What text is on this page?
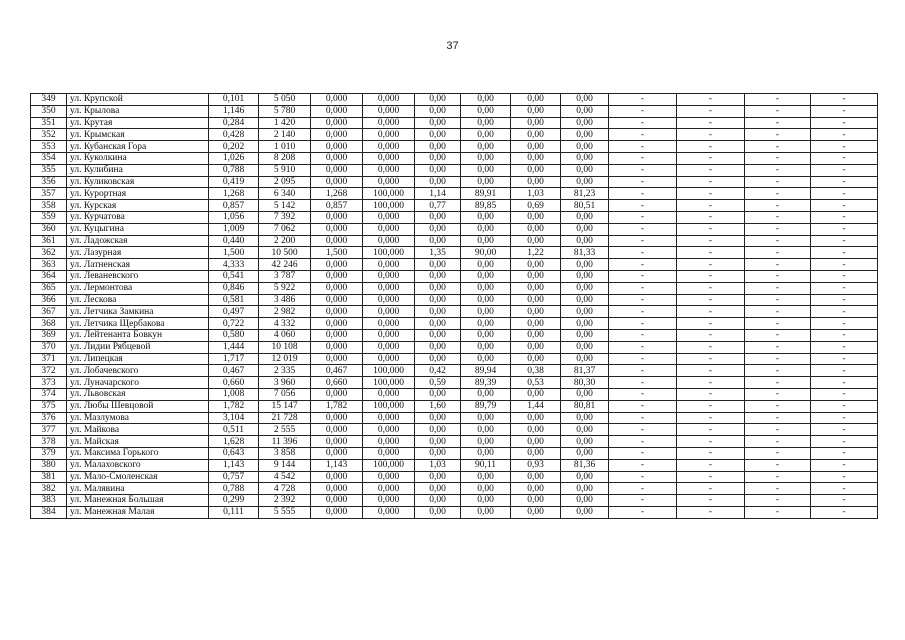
37
349	ул. Крупской	0,101	5 050	0,000	0,000	0,00	0,00	0,00	0,00	-	-	-	-
350	ул. Крылова	1,146	5 780	0,000	0,000	0,00	0,00	0,00	0,00	-	-	-	-
351	ул. Крутая	0,284	1 420	0,000	0,000	0,00	0,00	0,00	0,00	-	-	-	-
352	ул. Крымская	0,428	2 140	0,000	0,000	0,00	0,00	0,00	0,00	-	-	-	-
353	ул. Кубанская Гора	0,202	1 010	0,000	0,000	0,00	0,00	0,00	0,00	-	-	-	-
354	ул. Куколкина	1,026	8 208	0,000	0,000	0,00	0,00	0,00	0,00	-	-	-	-
355	ул. Кулибина	0,788	5 910	0,000	0,000	0,00	0,00	0,00	0,00	-	-	-	-
356	ул. Куликовская	0,419	2 095	0,000	0,000	0,00	0,00	0,00	0,00	-	-	-	-
357	ул. Курортная	1,268	6 340	1,268	100,000	1,14	89,91	1,03	81,23	-	-	-	-
358	ул. Курская	0,857	5 142	0,857	100,000	0,77	89,85	0,69	80,51	-	-	-	-
359	ул. Курчатова	1,056	7 392	0,000	0,000	0,00	0,00	0,00	0,00	-	-	-	-
360	ул. Куцыгина	1,009	7 062	0,000	0,000	0,00	0,00	0,00	0,00	-	-	-	-
361	ул. Ладожская	0,440	2 200	0,000	0,000	0,00	0,00	0,00	0,00	-	-	-	-
362	ул. Лазурная	1,500	10 500	1,500	100,000	1,35	90,00	1,22	81,33	-	-	-	-
363	ул. Латненская	4,333	42 246	0,000	0,000	0,00	0,00	0,00	0,00	-	-	-	-
364	ул. Леваневского	0,541	3 787	0,000	0,000	0,00	0,00	0,00	0,00	-	-	-	-
365	ул. Лермонтова	0,846	5 922	0,000	0,000	0,00	0,00	0,00	0,00	-	-	-	-
366	ул. Лескова	0,581	3 486	0,000	0,000	0,00	0,00	0,00	0,00	-	-	-	-
367	ул. Летчика Замкина	0,497	2 982	0,000	0,000	0,00	0,00	0,00	0,00	-	-	-	-
368	ул. Летчика Щербакова	0,722	4 332	0,000	0,000	0,00	0,00	0,00	0,00	-	-	-	-
369	ул. Лейтенанта Бовкун	0,580	4 060	0,000	0,000	0,00	0,00	0,00	0,00	-	-	-	-
370	ул. Лидии Рябцевой	1,444	10 108	0,000	0,000	0,00	0,00	0,00	0,00	-	-	-	-
371	ул. Липецкая	1,717	12 019	0,000	0,000	0,00	0,00	0,00	0,00	-	-	-	-
372	ул. Лобачевского	0,467	2 335	0,467	100,000	0,42	89,94	0,38	81,37	-	-	-	-
373	ул. Луначарского	0,660	3 960	0,660	100,000	0,59	89,39	0,53	80,30	-	-	-	-
374	ул. Львовская	1,008	7 056	0,000	0,000	0,00	0,00	0,00	0,00	-	-	-	-
375	ул. Любы Шевцовой	1,782	15 147	1,782	100,000	1,60	89,79	1,44	80,81	-	-	-	-
376	ул. Мазлумова	3,104	21 728	0,000	0,000	0,00	0,00	0,00	0,00	-	-	-	-
377	ул. Майкова	0,511	2 555	0,000	0,000	0,00	0,00	0,00	0,00	-	-	-	-
378	ул. Майская	1,628	11 396	0,000	0,000	0,00	0,00	0,00	0,00	-	-	-	-
379	ул. Максима Горького	0,643	3 858	0,000	0,000	0,00	0,00	0,00	0,00	-	-	-	-
380	ул. Малаховского	1,143	9 144	1,143	100,000	1,03	90,11	0,93	81,36	-	-	-	-
381	ул. Мало-Смоленская	0,757	4 542	0,000	0,000	0,00	0,00	0,00	0,00	-	-	-	-
382	ул. Малявина	0,788	4 728	0,000	0,000	0,00	0,00	0,00	0,00	-	-	-	-
383	ул. Манежная Большая	0,299	2 392	0,000	0,000	0,00	0,00	0,00	0,00	-	-	-	-
384	ул. Манежная Малая	0,111	5 555	0,000	0,000	0,00	0,00	0,00	0,00	-	-	-	-
